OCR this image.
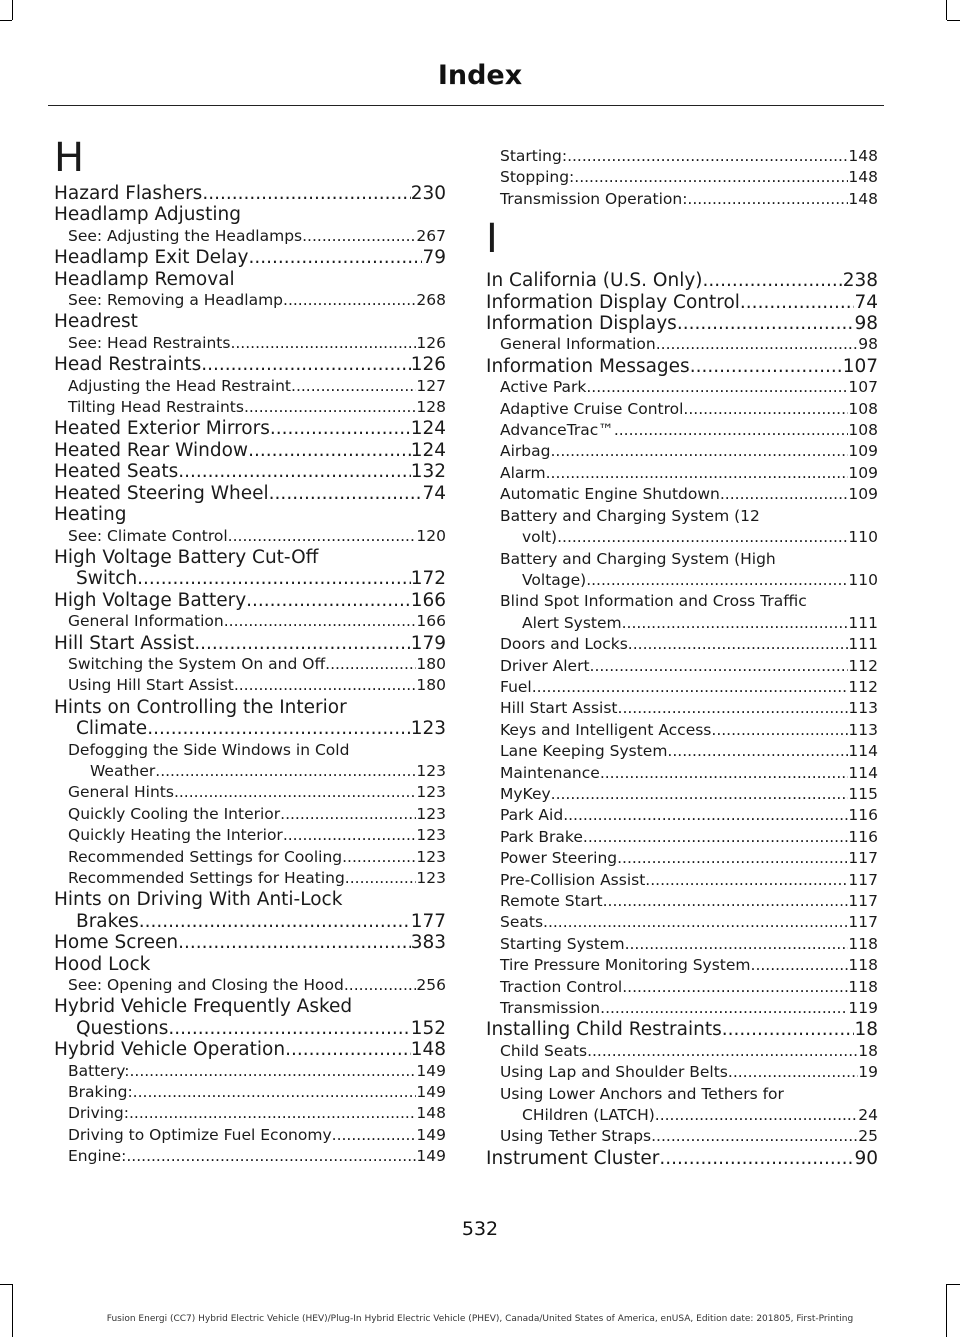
Index
H
Hazard Flashers .....	230
Headlamp Adjusting
See: Adjusting the Headlamps .....	267
Headlamp Exit Delay .....	79
Headlamp Removal
See: Removing a Headlamp .....	268
Headrest
See: Head Restraints .....	126
Head Restraints .....	126
Adjusting the Head Restraint .....	127
Tilting Head Restraints .....	128
Heated Exterior Mirrors .....	124
Heated Rear Window .....	124
Heated Seats .....	132
Heated Steering Wheel .....	74
Heating
See: Climate Control .....	120
High Voltage Battery Cut-Off
Switch .....	172
High Voltage Battery .....	166
General Information .....	166
Hill Start Assist .....	179
Switching the System On and Off .....	180
Using Hill Start Assist .....	180
Hints on Controlling the Interior
Climate .....	123
Defogging the Side Windows in Cold
Weather .....	123
General Hints .....	123
Quickly Cooling the Interior .....	123
Quickly Heating the Interior .....	123
Recommended Settings for Cooling .....	123
Recommended Settings for Heating .....	123
Hints on Driving With Anti-Lock
Brakes .....	177
Home Screen .....	383
Hood Lock
See: Opening and Closing the Hood .....	256
Hybrid Vehicle Frequently Asked
Questions .....	152
Hybrid Vehicle Operation .....	148
Battery: .....	149
Braking: .....	149
Driving: .....	148
Driving to Optimize Fuel Economy .....	149
Engine: .....	149
Starting: .....	148
Stopping: .....	148
Transmission Operation: .....	148
I
In California (U.S. Only) .....	238
Information Display Control .....	74
Information Displays .....	98
General Information .....	98
Information Messages .....	107
Active Park .....	107
Adaptive Cruise Control .....	108
AdvanceTrac™ .....	108
Airbag .....	109
Alarm .....	109
Automatic Engine Shutdown .....	109
Battery and Charging System (12
volt) .....	110
Battery and Charging System (High
Voltage) .....	110
Blind Spot Information and Cross Traffic
Alert System .....	111
Doors and Locks .....	111
Driver Alert .....	112
Fuel .....	112
Hill Start Assist .....	113
Keys and Intelligent Access .....	113
Lane Keeping System .....	114
Maintenance .....	114
MyKey .....	115
Park Aid .....	116
Park Brake .....	116
Power Steering .....	117
Pre-Collision Assist .....	117
Remote Start .....	117
Seats .....	117
Starting System .....	118
Tire Pressure Monitoring System .....	118
Traction Control .....	118
Transmission .....	119
Installing Child Restraints .....	18
Child Seats .....	18
Using Lap and Shoulder Belts .....	19
Using Lower Anchors and Tethers for
CHildren (LATCH) .....	24
Using Tether Straps .....	25
Instrument Cluster .....	90
532
Fusion Energi (CC7) Hybrid Electric Vehicle (HEV)/Plug-In Hybrid Electric Vehicle (PHEV), Canada/United States of America, enUSA, Edition date: 201805, First-Printing
